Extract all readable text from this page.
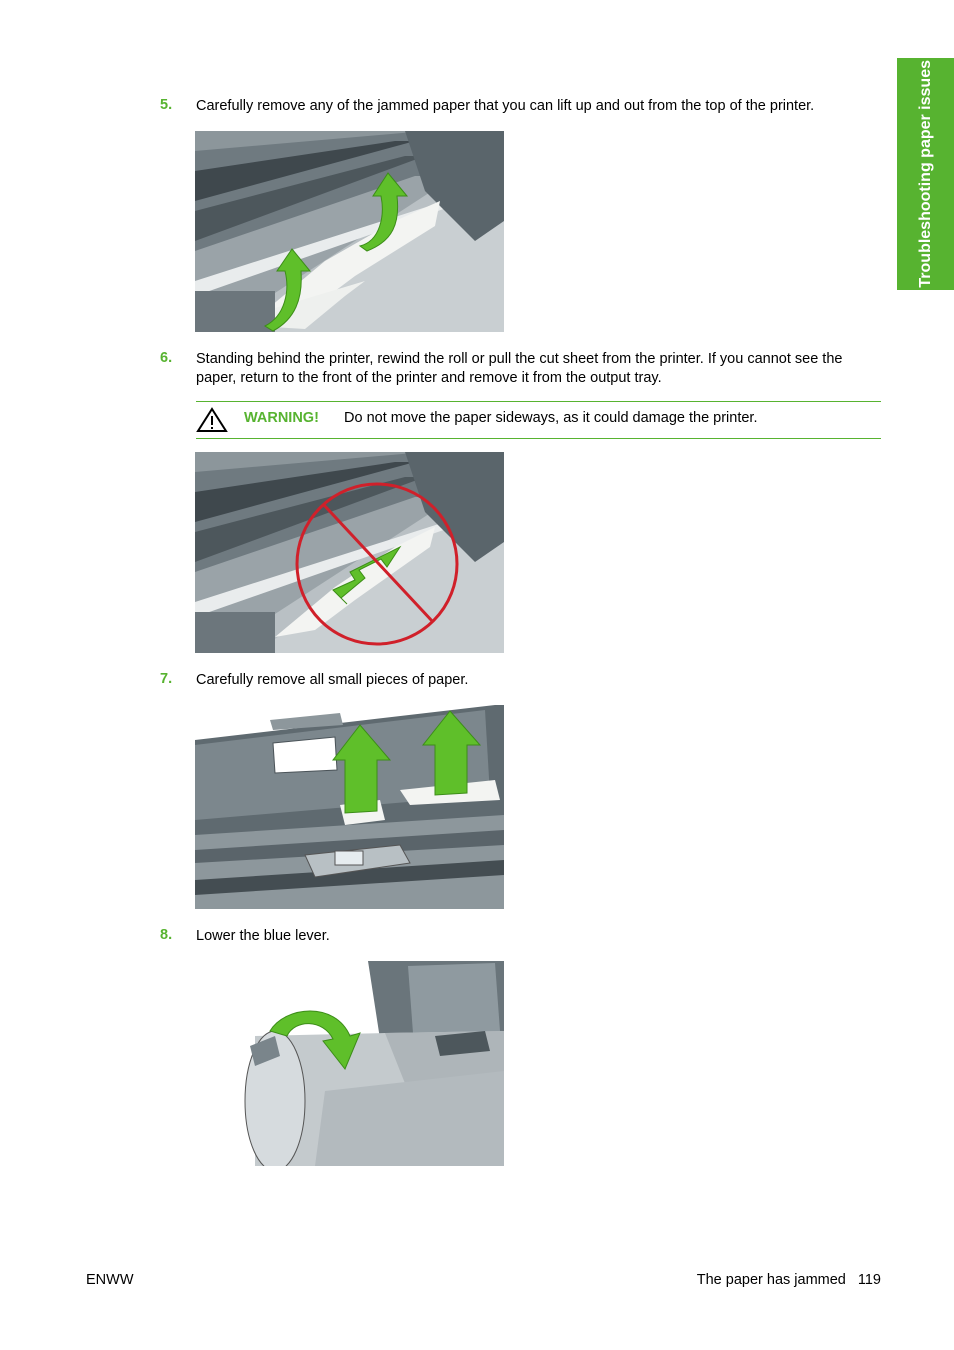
Troubleshooting paper issues
5. Carefully remove any of the jammed paper that you can lift up and out from the top of the printer.
6. Standing behind the printer, rewind the roll or pull the cut sheet from the printer. If you cannot see the paper, return to the front of the printer and remove it from the output tray.
WARNING! Do not move the paper sideways, as it could damage the printer.
7. Carefully remove all small pieces of paper.
8. Lower the blue lever.
ENWW	The paper has jammed 119
